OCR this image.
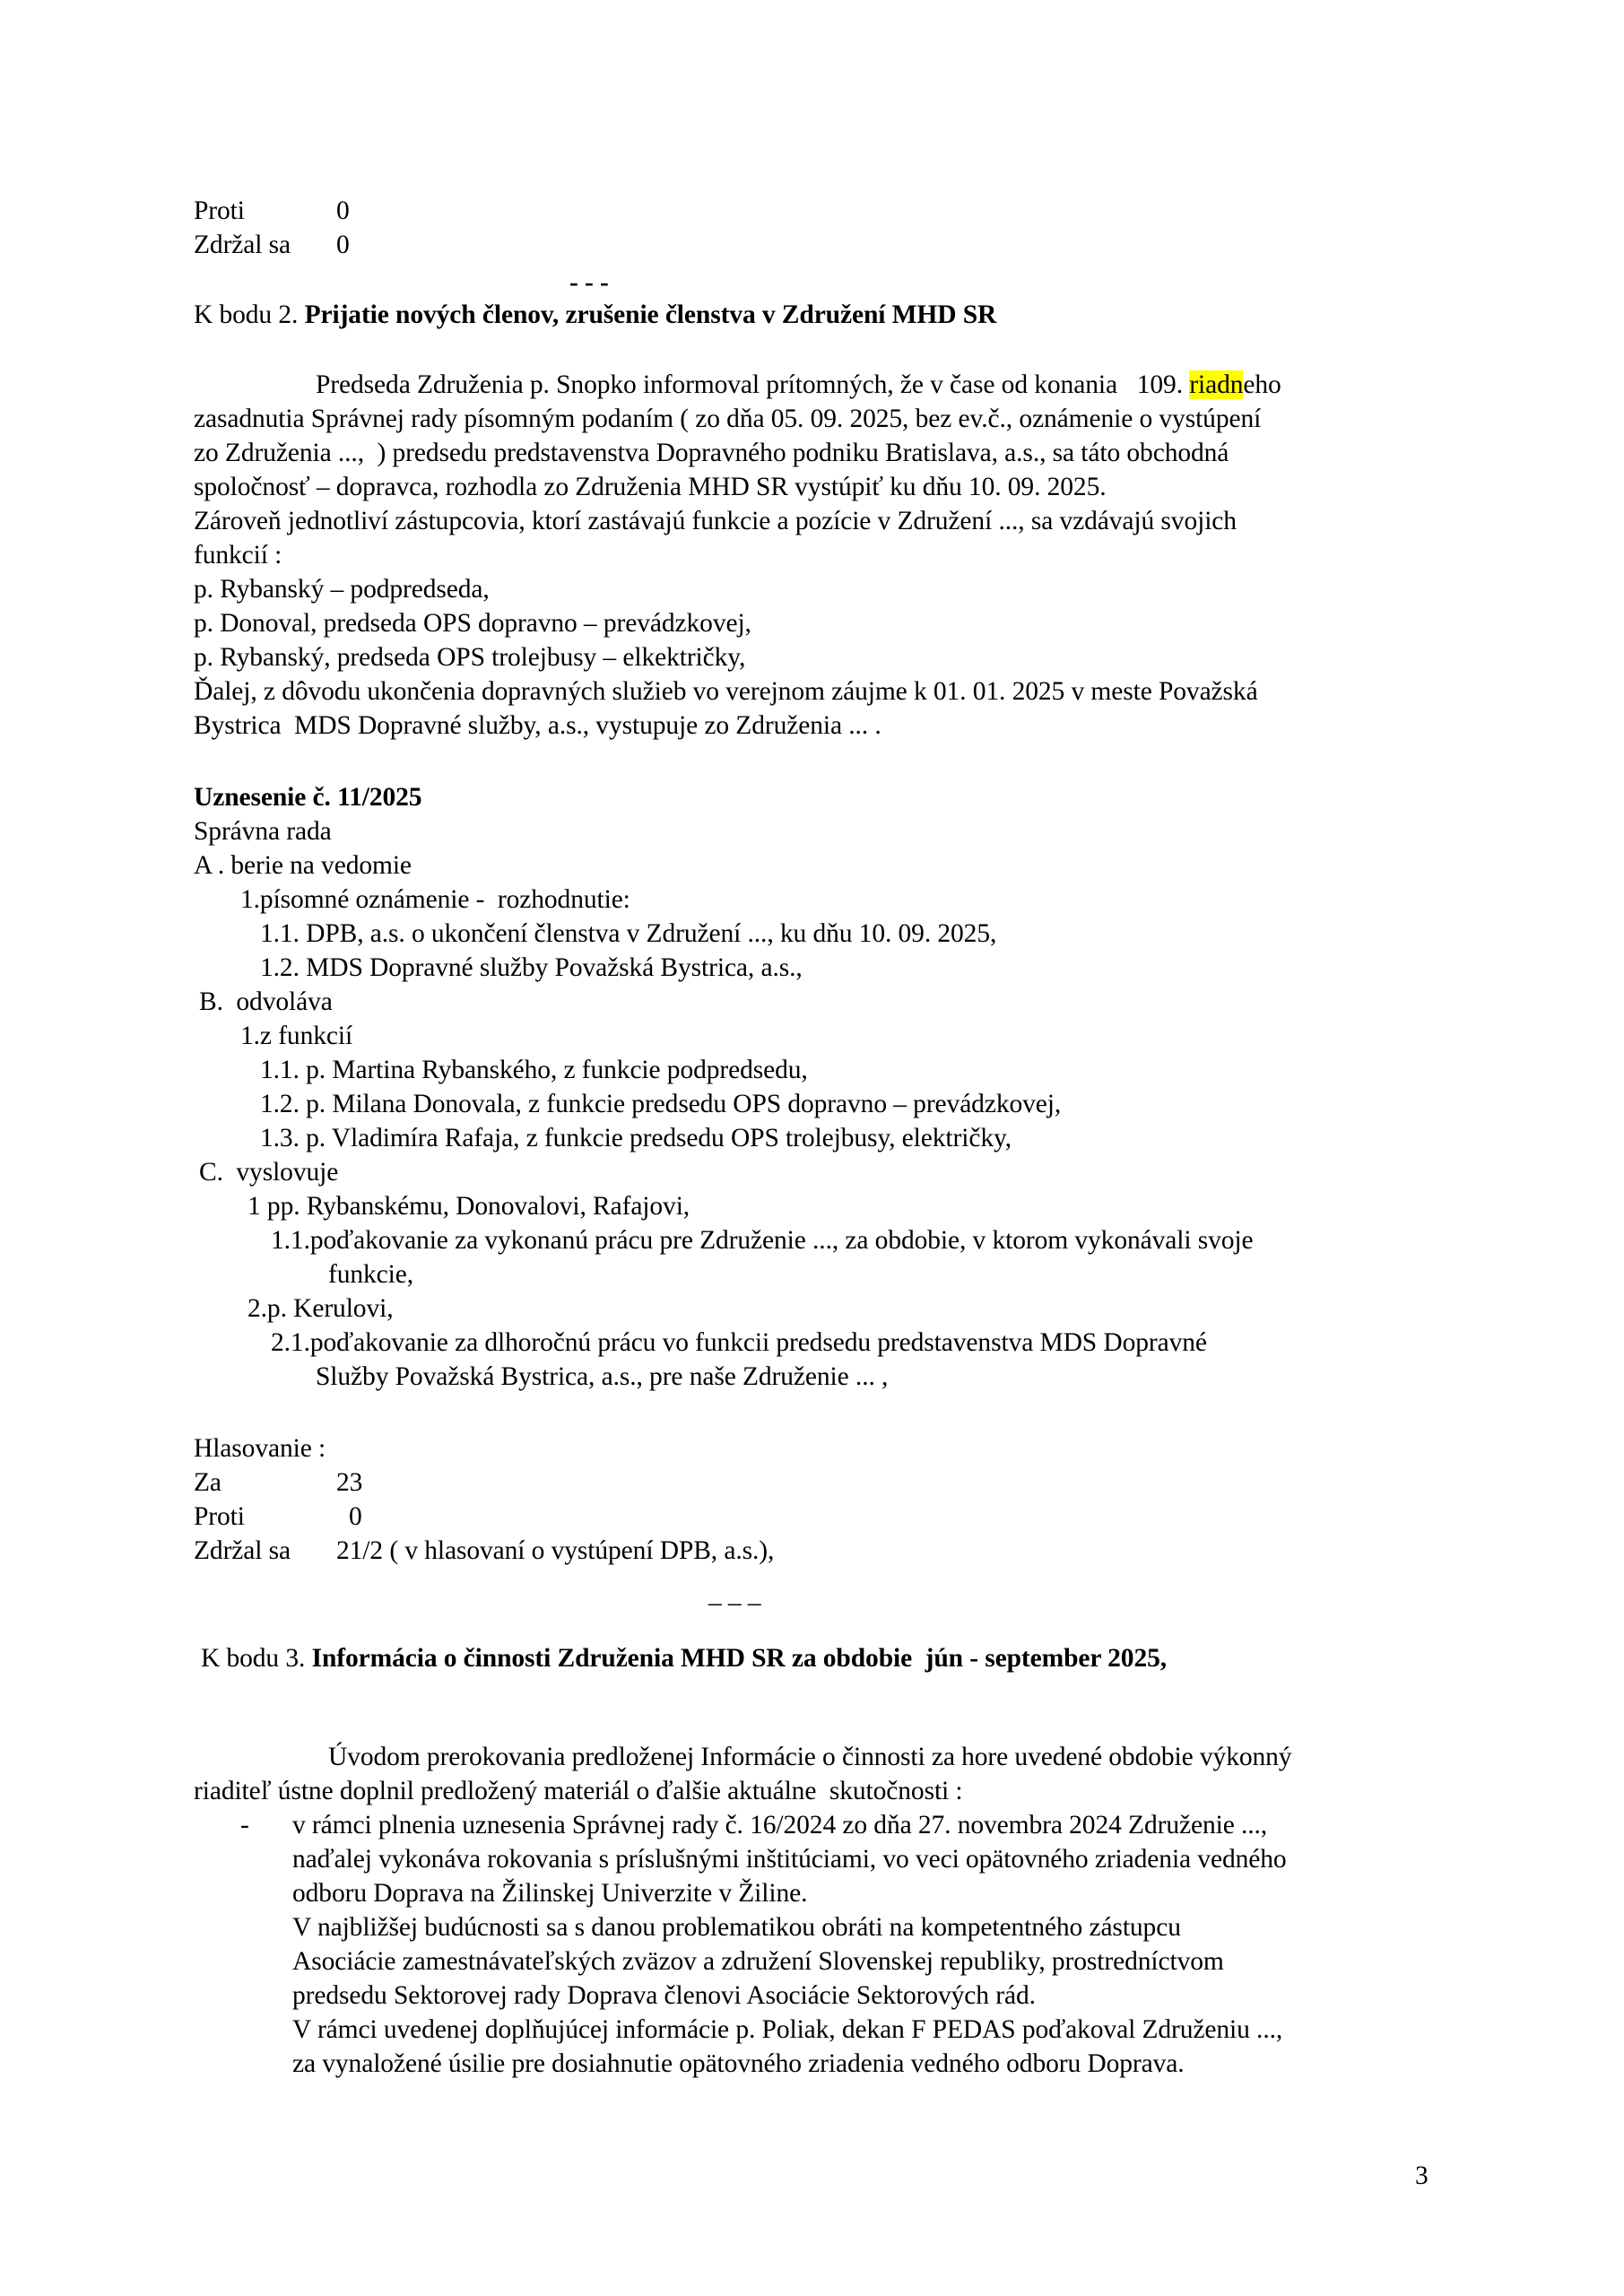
Proti	0
Zdržal sa 0
- - -
K bodu 2. Prijatie nových členov, zrušenie členstva v Združení MHD SR
Predseda Združenia p. Snopko informoval prítomných, že v čase od konania   109. riadneho
zasadnutia Správnej rady písomným podaním ( zo dňa 05. 09. 2025, bez ev.č., oznámenie o vystúpení
zo Združenia ...,  ) predsedu predstavenstva Dopravného podniku Bratislava, a.s., sa táto obchodná
spoločnosť – dopravca, rozhodla zo Združenia MHD SR vystúpiť ku dňu 10. 09. 2025.
Zároveň jednotliví zástupcovia, ktorí zastávajú funkcie a pozície v Združení ..., sa vzdávajú svojich
funkcií :
p. Rybanský – podpredseda,
p. Donoval, predseda OPS dopravno – prevádzkovej,
p. Rybanský, predseda OPS trolejbusy – elkektričky,
Ďalej, z dôvodu ukončenia dopravných služieb vo verejnom záujme k 01. 01. 2025 v meste Považská
Bystrica  MDS Dopravné služby, a.s., vystupuje zo Združenia ... .
Uznesenie č. 11/2025
Správna rada
A . berie na vedomie
1.písomné oznámenie -  rozhodnutie:
1.1. DPB, a.s. o ukončení členstva v Združení ..., ku dňu 10. 09. 2025,
1.2. MDS Dopravné služby Považská Bystrica, a.s.,
B.  odvoláva
1.z funkcií
1.1. p. Martina Rybanského, z funkcie podpredsedu,
1.2. p. Milana Donovala, z funkcie predsedu OPS dopravno – prevádzkovej,
1.3. p. Vladimíra Rafaja, z funkcie predsedu OPS trolejbusy, električky,
C.  vyslovuje
1 pp. Rybanskému, Donovalovi, Rafajovi,
1.1.poďakovanie za vykonanú prácu pre Združenie ..., za obdobie, v ktorom vykonávali svoje
funkcie,
2.p. Kerulovi,
2.1.poďakovanie za dlhoročnú prácu vo funkcii predsedu predstavenstva MDS Dopravné
Služby Považská Bystrica, a.s., pre naše Združenie ... ,
Hlasovanie :
Za	23
Proti	0
Zdržal sa 21/2 ( v hlasovaní o vystúpení DPB, a.s.),
– – –
K bodu 3. Informácia o činnosti Združenia MHD SR za obdobie  jún - september 2025,
Úvodom prerokovania predloženej Informácie o činnosti za hore uvedené obdobie výkonný
riaditeľ ústne doplnil predložený materiál o ďalšie aktuálne  skutočnosti :
- v rámci plnenia uznesenia Správnej rady č. 16/2024 zo dňa 27. novembra 2024 Združenie ...,
naďalej vykonáva rokovania s príslušnými inštitúciami, vo veci opätovného zriadenia vedného
odboru Doprava na Žilinskej Univerzite v Žiline.
V najbližšej budúcnosti sa s danou problematikou obráti na kompetentného zástupcu
Asociácie zamestnávateľských zväzov a združení Slovenskej republiky, prostredníctvom
predsedu Sektorovej rady Doprava členovi Asociácie Sektorových rád.
V rámci uvedenej doplňujúcej informácie p. Poliak, dekan F PEDAS poďakoval Združeniu ...,
za vynaložené úsilie pre dosiahnutie opätovného zriadenia vedného odboru Doprava.
3
